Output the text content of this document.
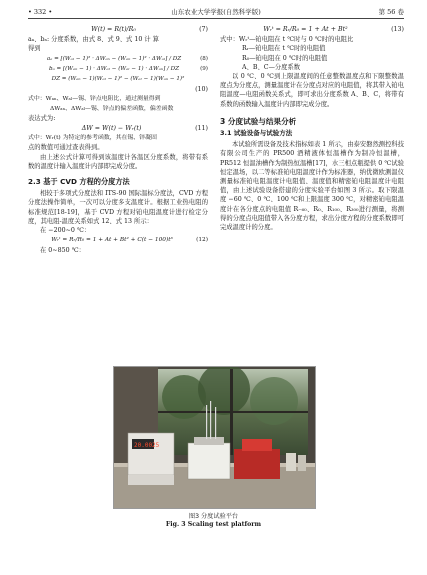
• 332 •	山东农业大学学报(自然科学版)	第 56 卷
W(t) = R(t)/R₀	(7)
aₐ、bₐ: 分度系数，由式 8、式 9、式 10 计 算
得到
aₐ = [(Wₐₗ − 1)² · ΔWₐₙ − (Wₐₙ − 1)² · ΔWₐₗ] / DZ	(8)
bₐ = [(Wₐₙ − 1) · ΔWₐₗ − (Wₐₗ − 1) · ΔWₐₙ] / DZ	(9)
DZ = (Wₐₙ − 1)(Wₐₗ − 1)² − (Wₐₗ − 1)(Wₐₙ − 1)²
(10)
式中：Wₐₙ、Wₐₗ—锡、锌点电阻比，通过测量得到
ΔWₐₙ、ΔWₐₗ—锡、锌点的偏差函数，偏差函数
表达式为:
ΔW = W(t) − Wᵣ(t)	(11)
式中：Wᵣ(t) 为特定的参考函数，其在锡、锌凝固
点的数值可通过查表得到。

由上述公式计算可得到该温度计各温区分度系数，将带有系数的温度计输入温度计内部即完成分度。

2.3 基于 CVD 方程的分度方法

相较于多项式分度法和 ITS-90 国际温标分度法，CVD 方程分度法操作简单，一次可以分度多支温度计。根据工业热电阻的标准规范[18-19]，基于 CVD 方程对铂电阻温度计进行检定分度，其电阻-温度关系如式 12、式 13 所示：

在 −200~0 ℃：
Wᵣᵗ = Rᵣ/R₀ = 1 + At + Bt² + C(t − 100)t³	(12)
在 0~850 ℃：
Wᵣᵗ = Rᵣ/R₀ = 1 + At + Bt²	(13)
式中：Wᵣᵗ—铂电阻在 t ℃时与 0 ℃时的电阻比
Rᵣ—铂电阻在 t ℃时的电阻值
R₀—铂电阻在 0 ℃时的电阻值
A、B、C—分度系数

以 0 ℃、0 ℃到上限温度间的任意整数温度点和下限整数温度点为分度点，测量温度计在分度点对应的电阻值，将其带入铂电阻温度—电阻函数关系式，即可求出分度系数 A、B、C，将带有系数的函数输入温度计内部即完成分度。

3 分度试验与结果分析
3.1 试验设备与试验方法

本试验所需设备及技术指标如表 1 所示，由泰安磐然测控科技有限公司生产的 PR500 酒精液体恒温槽作为制冷恒温槽，PR512 恒温油槽作为制热恒温槽[17]，水三相点瓶提供 0 ℃试验恒定温场，以二等标准铂电阻温度计作为标准器，纳优微欧测温仪测量标准铂电阻温度计电阻值、温度值和精密铂电阻温度计电阻值，由上述试验设备搭建的分度实验平台如图 3 所示。取下限温度 −60 ℃、0 ℃、100 ℃和上限温度 300 ℃，对精密铂电阻温度计在各分度点的电阻值 R₋₆₀、R₀、R₁₀₀、R₃₀₀进行测量，将测得的分度点电阻值带入各分度方程，求出分度方程的分度系数即可完成温度计的分度。

20.0025
图3 分度试验平台
Fig. 3 Scaling test platform
